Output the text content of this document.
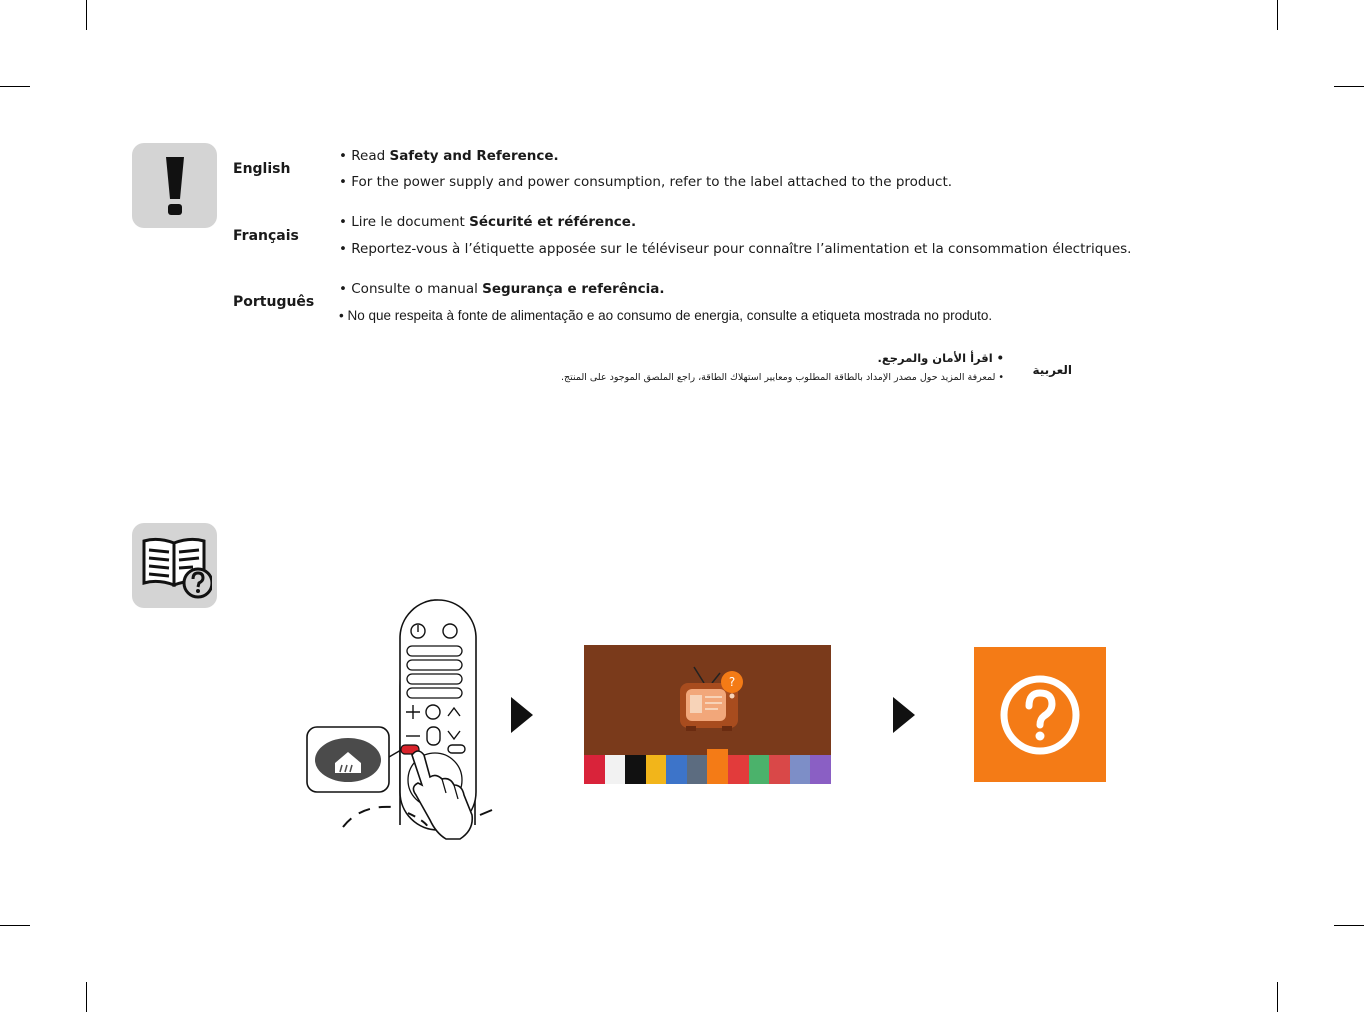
English
• Read Safety and Reference.
• For the power supply and power consumption, refer to the label attached to the product.
Français
• Lire le document Sécurité et référence.
• Reportez-vous à l’étiquette apposée sur le téléviseur pour connaître l’alimentation et la consommation électriques.
Português
• Consulte o manual Segurança e referência.
• No que respeita à fonte de alimentação e ao consumo de energia, consulte a etiqueta mostrada no produto.
العربية
• اقرأ الأمان والمرجع.
• لمعرفة المزيد حول مصدر الإمداد بالطاقة المطلوب ومعايير استهلاك الطاقة، راجع الملصق الموجود على المنتج.
?
